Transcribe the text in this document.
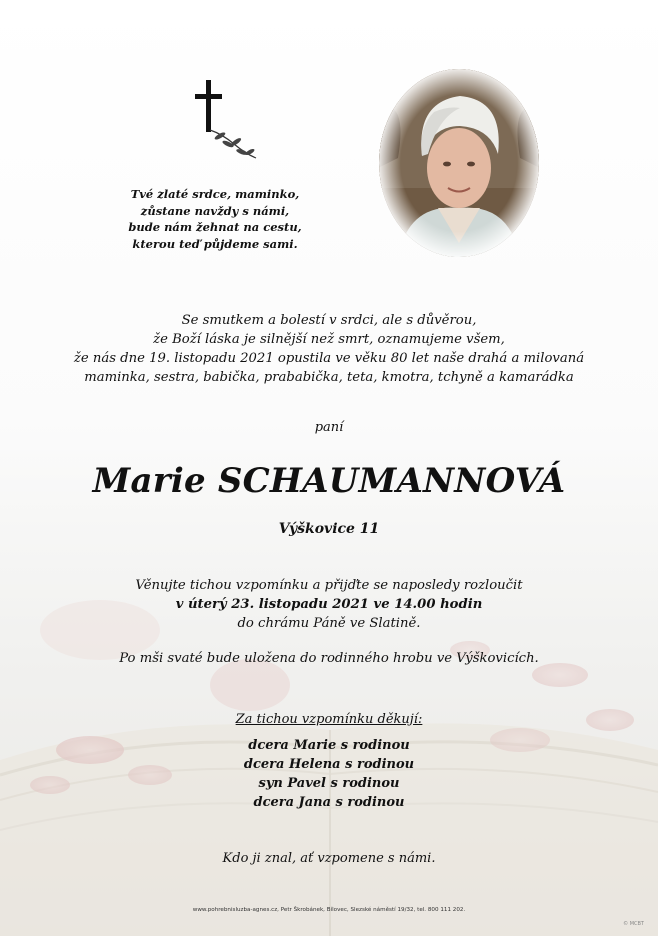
Tvé zlaté srdce, maminko,
zůstane navždy s námi,
bude nám žehnat na cestu,
kterou teď půjdeme sami.
Se smutkem a bolestí v srdci, ale s důvěrou,
že Boží láska je silnější než smrt, oznamujeme všem,
že nás dne 19. listopadu 2021 opustila ve věku 80 let naše drahá a milovaná
maminka, sestra, babička, prababička, teta, kmotra, tchyně a kamarádka
paní
Marie SCHAUMANNOVÁ
Výškovice 11
Věnujte tichou vzpomínku a přijďte se naposledy rozloučit
v úterý 23. listopadu 2021 ve 14.00 hodin
do chrámu Páně ve Slatině.
Po mši svaté bude uložena do rodinného hrobu ve Výškovicích.
Za tichou vzpomínku děkují:
dcera Marie s rodinou
dcera Helena s rodinou
syn Pavel s rodinou
dcera Jana s rodinou
Kdo ji znal, ať vzpomene s námi.
www.pohrebnisluzba-agnes.cz, Petr Škrobánek, Bílovec, Slezské náměstí 19/32, tel. 800 111 202.
© MCBT
